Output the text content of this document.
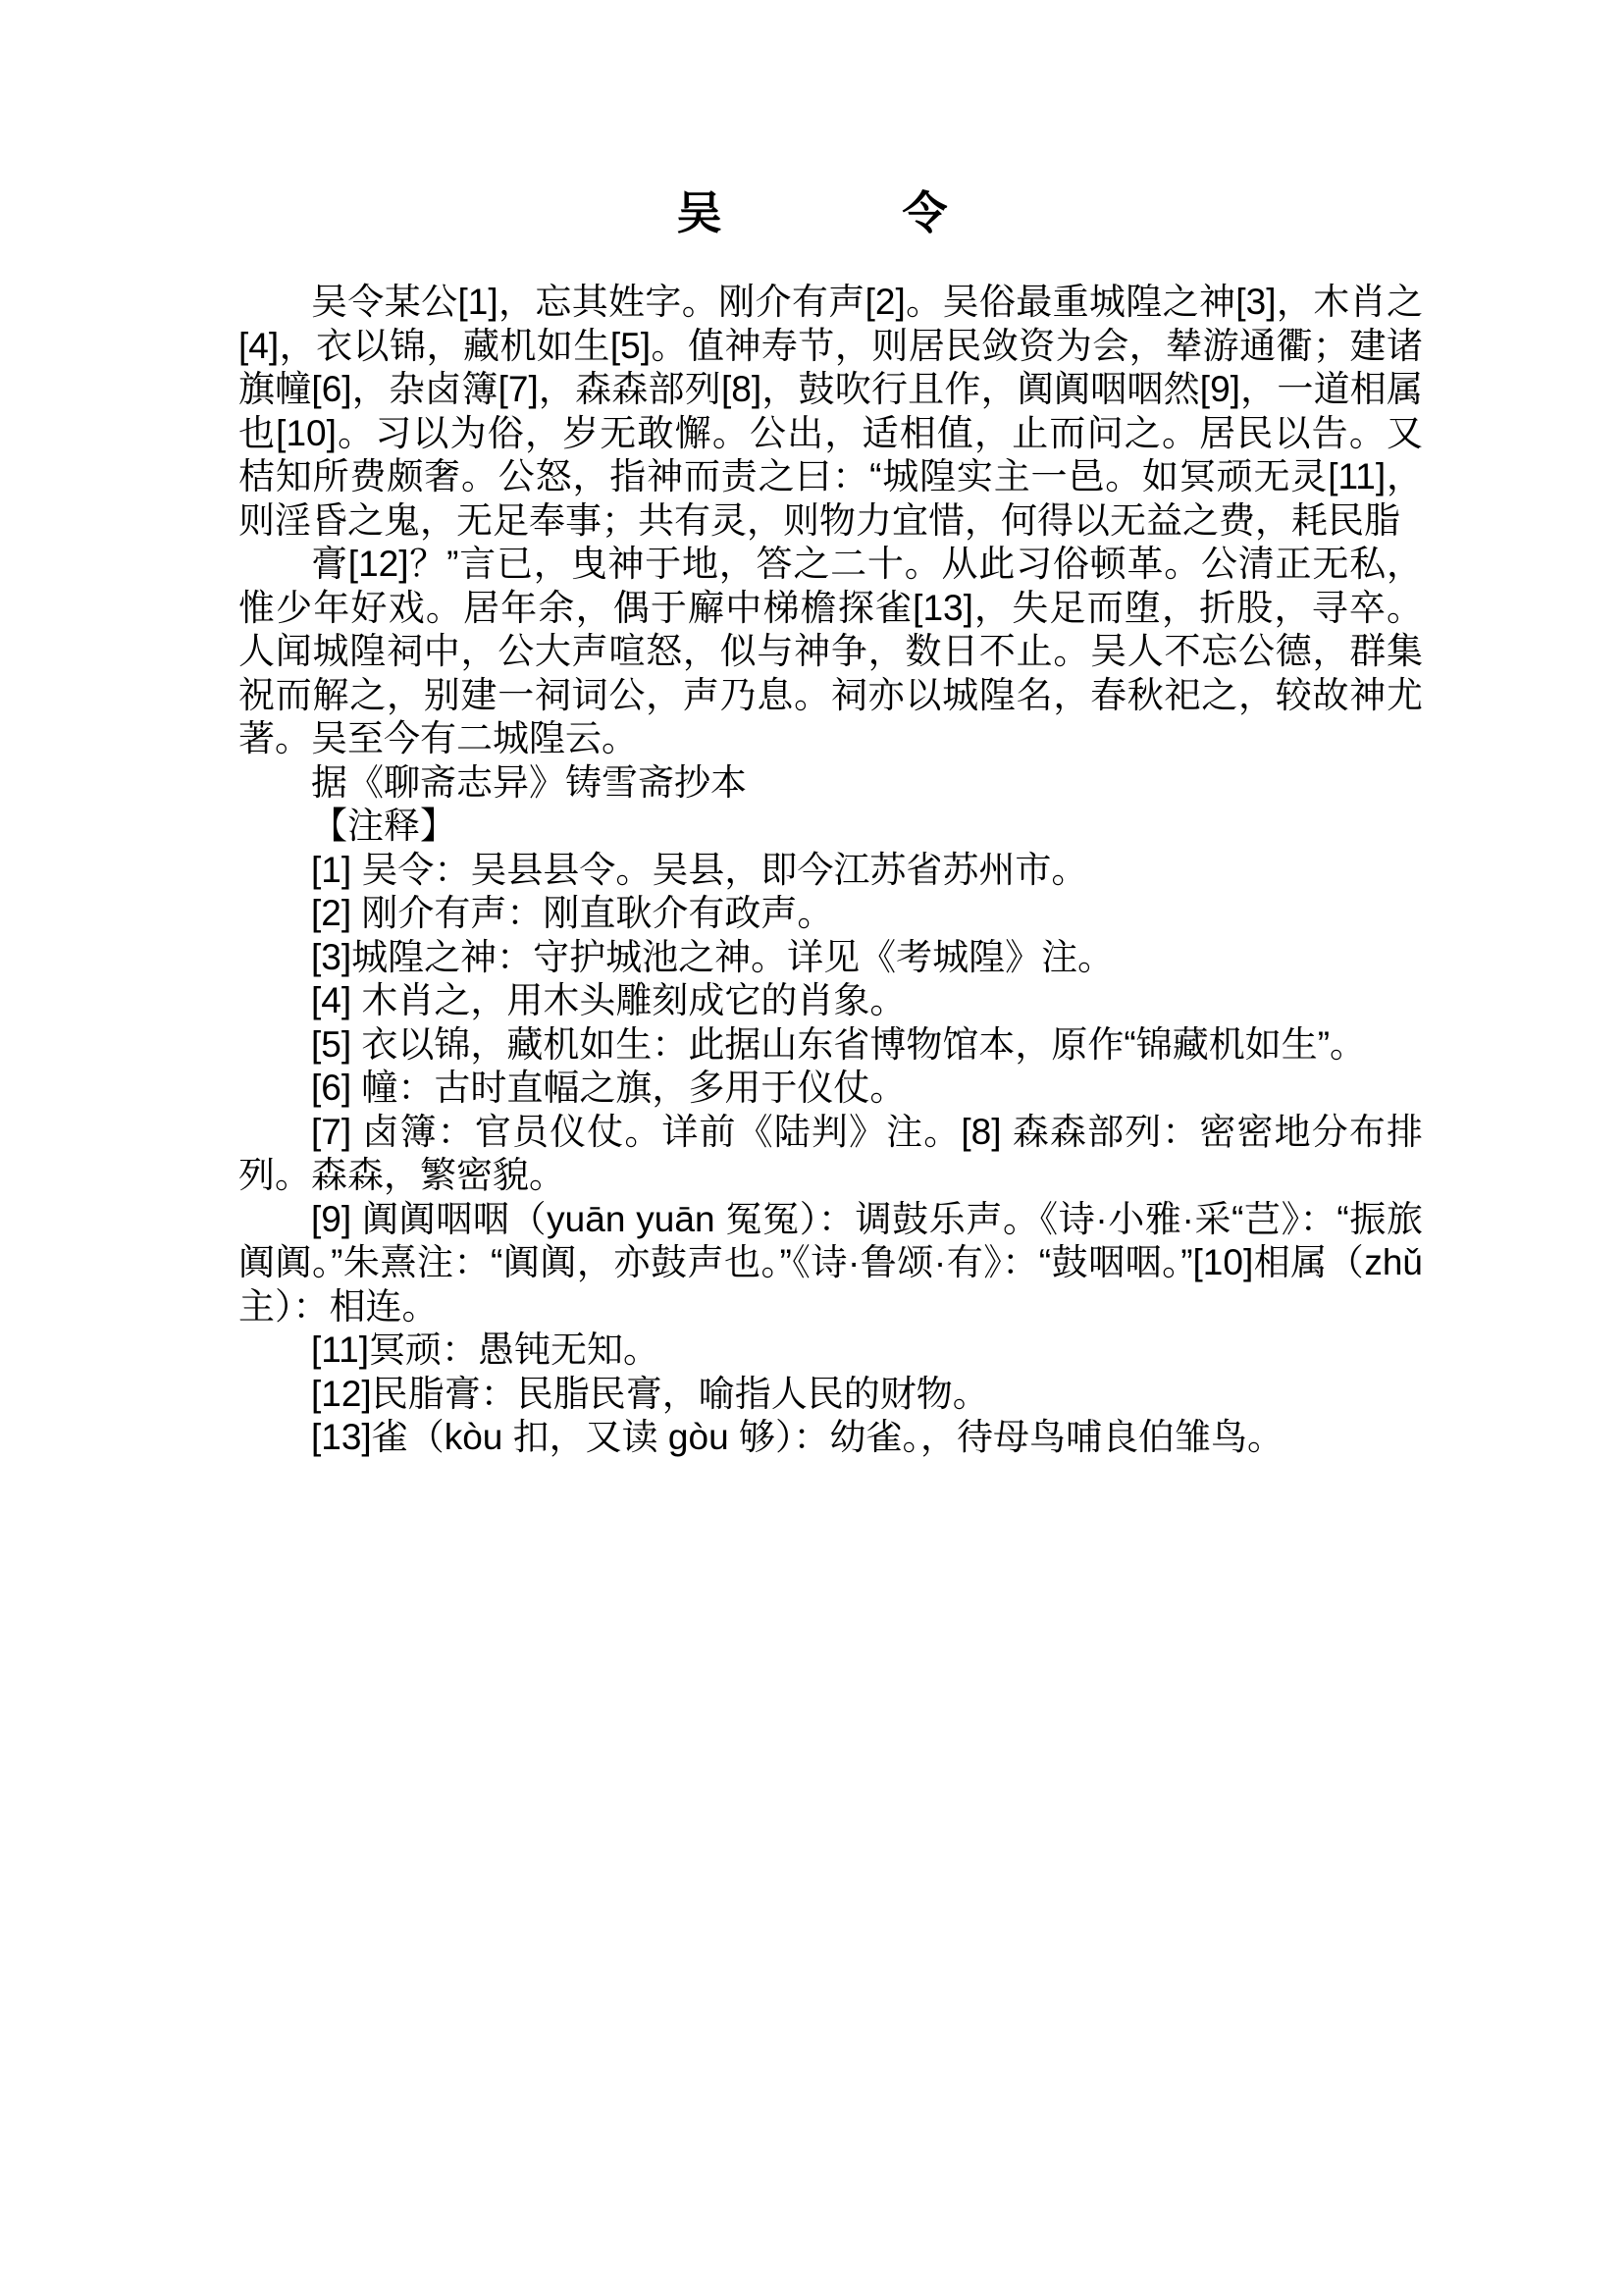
吴　　　　令

吴令某公[1]，忘其姓字。刚介有声[2]。吴俗最重城隍之神[3]，木肖之[4]，衣以锦，藏机如生[5]。值神寿节，则居民敛资为会，辇游通衢；建诸旗幢[6]，杂卤簿[7]，森森部列[8]，鼓吹行且作，阗阗咽咽然[9]，一道相属也[10]。习以为俗，岁无敢懈。公出，适相值，止而问之。居民以告。又桔知所费颇奢。公怒，指神而责之曰：“城隍实主一邑。如冥顽无灵[11]，则淫昏之鬼，无足奉事；共有灵，则物力宜惜，何得以无益之费，耗民脂

膏[12]？”言已，曳神于地，答之二十。从此习俗顿革。公清正无私，惟少年好戏。居年余，偶于廨中梯檐探雀[13]，失足而堕，折股，寻卒。人闻城隍祠中，公大声喧怒，似与神争，数日不止。吴人不忘公德，群集祝而解之，别建一祠词公，声乃息。祠亦以城隍名，春秋祀之，较故神尤著。吴至今有二城隍云。

据《聊斋志异》铸雪斋抄本

【注释】

[1] 吴令：吴县县令。吴县，即今江苏省苏州市。

[2] 刚介有声：刚直耿介有政声。

[3]城隍之神：守护城池之神。详见《考城隍》注。

[4] 木肖之，用木头雕刻成它的肖象。

[5] 衣以锦，藏机如生：此据山东省博物馆本，原作“锦藏机如生”。

[6] 幢：古时直幅之旗，多用于仪仗。

[7] 卤簿：官员仪仗。详前《陆判》注。[8] 森森部列：密密地分布排列。森森，繁密貌。

[9] 阗阗咽咽（yuān yuān 冤冤）：调鼓乐声。《诗·小雅·采“芑》：“振旅阗阗。”朱熹注：“阗阗，亦鼓声也。”《诗·鲁颂·有》：“鼓咽咽。”[10]相属（zhǔ主）：相连。

[11]冥顽：愚钝无知。

[12]民脂膏：民脂民膏，喻指人民的财物。

[13]雀（kòu 扣，又读 gòu 够）：幼雀。，待母鸟哺良伯雏鸟。
